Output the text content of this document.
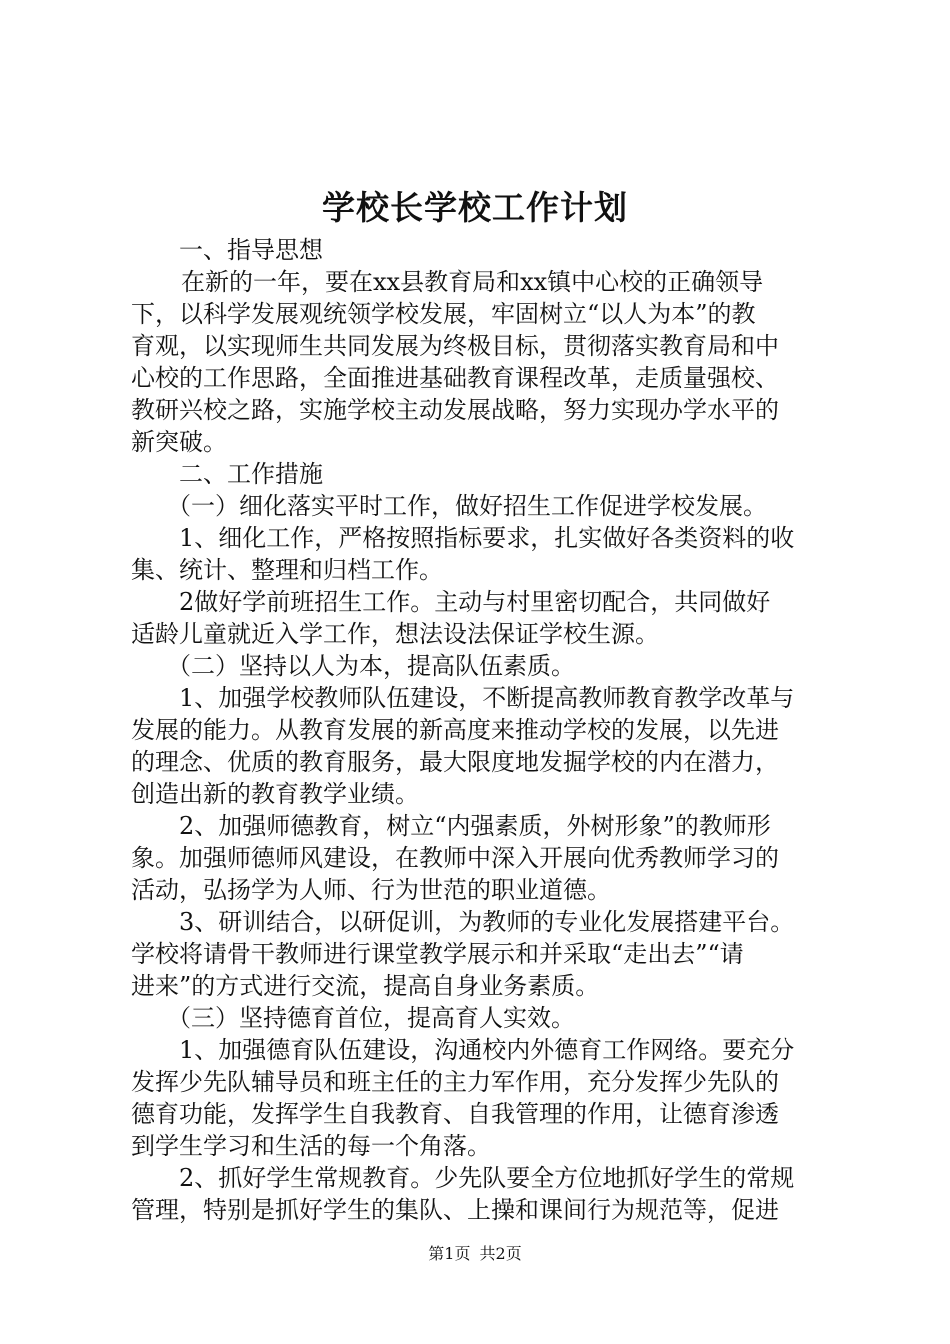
学校长学校工作计划
一、指导思想
在新的一年，要在xx县教育局和xx镇中心校的正确领导
下，以科学发展观统领学校发展，牢固树立“以人为本”的教
育观，以实现师生共同发展为终极目标，贯彻落实教育局和中
心校的工作思路，全面推进基础教育课程改革，走质量强校、
教研兴校之路，实施学校主动发展战略，努力实现办学水平的
新突破。
二、工作措施
（一）细化落实平时工作，做好招生工作促进学校发展。
1、细化工作，严格按照指标要求，扎实做好各类资料的收
集、统计、整理和归档工作。
2做好学前班招生工作。主动与村里密切配合，共同做好
适龄儿童就近入学工作，想法设法保证学校生源。
（二）坚持以人为本，提高队伍素质。
1、加强学校教师队伍建设，不断提高教师教育教学改革与
发展的能力。从教育发展的新高度来推动学校的发展，以先进
的理念、优质的教育服务，最大限度地发掘学校的内在潜力，
创造出新的教育教学业绩。
2、加强师德教育，树立“内强素质，外树形象”的教师形
象。加强师德师风建设，在教师中深入开展向优秀教师学习的
活动，弘扬学为人师、行为世范的职业道德。
3、研训结合，以研促训，为教师的专业化发展搭建平台。
学校将请骨干教师进行课堂教学展示和并采取“走出去”“请
进来”的方式进行交流，提高自身业务素质。
（三）坚持德育首位，提高育人实效。
1、加强德育队伍建设，沟通校内外德育工作网络。要充分
发挥少先队辅导员和班主任的主力军作用，充分发挥少先队的
德育功能，发挥学生自我教育、自我管理的作用，让德育渗透
到学生学习和生活的每一个角落。
2、抓好学生常规教育。少先队要全方位地抓好学生的常规
管理，特别是抓好学生的集队、上操和课间行为规范等，促进
第1页 共2页
